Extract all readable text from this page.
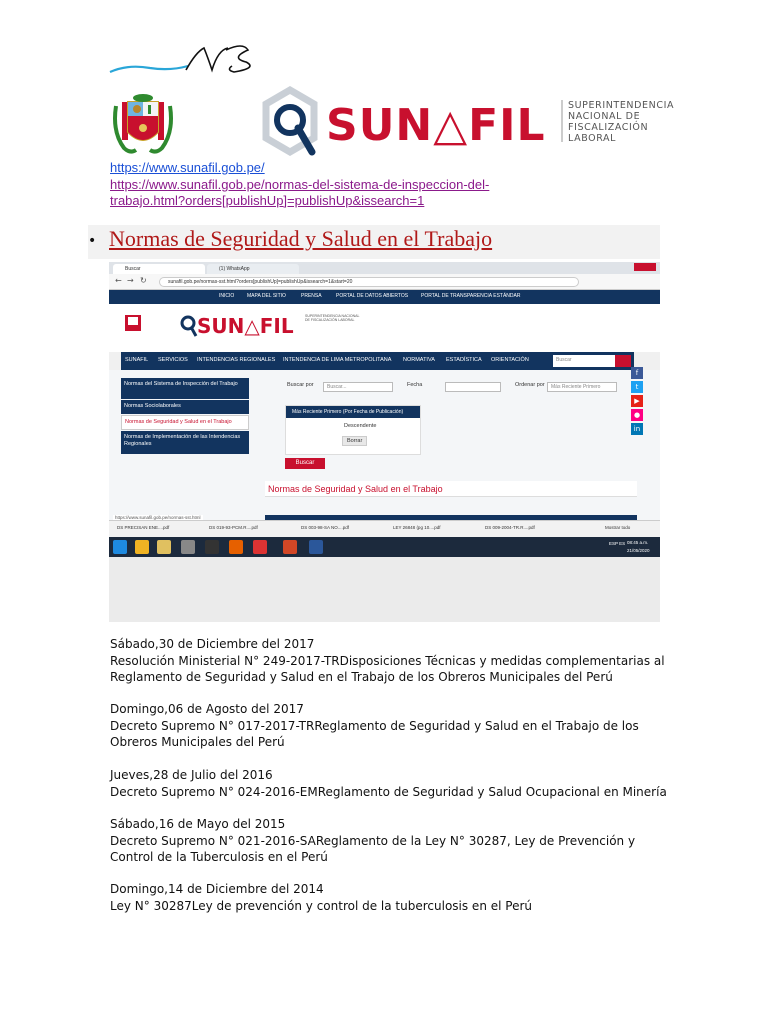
SUN△FIL SUPERINTENDENCIA
NACIONAL DE
FISCALIZACIÓN
LABORAL
https://www.sunafil.gob.pe/
https://www.sunafil.gob.pe/normas-del-sistema-de-inspeccion-del-trabajo.html?orders[publishUp]=publishUp&issearch=1
• Normas de Seguridad y Salud en el Trabajo
Buscar	(1) WhatsApp
← → ↻	sunafil.gob.pe/normas-sst.html?orders[publishUp]=publishUp&issearch=1&start=20
INICIO	MAPA DEL SITIO	PRENSA	PORTAL DE DATOS ABIERTOS	PORTAL DE TRANSPARENCIA ESTÁNDAR
SUN△FIL	SUPERINTENDENCIA NACIONAL DE FISCALIZACIÓN LABORAL
SUNAFIL SERVICIOS INTENDENCIAS REGIONALES INTENDENCIA DE LIMA METROPOLITANA NORMATIVA ESTADÍSTICA ORIENTACIÓN	Buscar
Normas del Sistema de Inspección del Trabajo
Normas Sociolaborales
Normas de Seguridad y Salud en el Trabajo
Normas de Implementación de las Intendencias Regionales
Buscar por	Buscar...	Fecha	Ordenar por	Más Reciente Primero
Más Reciente Primero (Por Fecha de Publicación)
Descendente
Borrar
Buscar
Normas de Seguridad y Salud en el Trabajo
f
t
▶
●
in
https://www.sunafil.gob.pe/normas-sst.html
DS PRECISAN ENE....pdf	DS 019-93-PCM.R....pdf	DS 003-98-SA NO....pdf	LEY 26848 (pg 10....pdf	DS 009-2004-TR.R....pdf	Mostrar todo
ESP ES 08:45 a.m.
21/05/2020
Sábado,30 de Diciembre del 2017
Resolución Ministerial N° 249-2017-TRDisposiciones Técnicas y medidas complementarias al Reglamento de Seguridad y Salud en el Trabajo de los Obreros Municipales del Perú
Domingo,06 de Agosto del 2017
Decreto Supremo N° 017-2017-TRReglamento de Seguridad y Salud en el Trabajo de los Obreros Municipales del Perú
Jueves,28 de Julio del 2016
Decreto Supremo N° 024-2016-EMReglamento de Seguridad y Salud Ocupacional en Minería
Sábado,16 de Mayo del 2015
Decreto Supremo N° 021-2016-SAReglamento de la Ley N° 30287, Ley de Prevención y Control de la Tuberculosis en el Perú
Domingo,14 de Diciembre del 2014
Ley N° 30287Ley de prevención y control de la tuberculosis en el Perú
